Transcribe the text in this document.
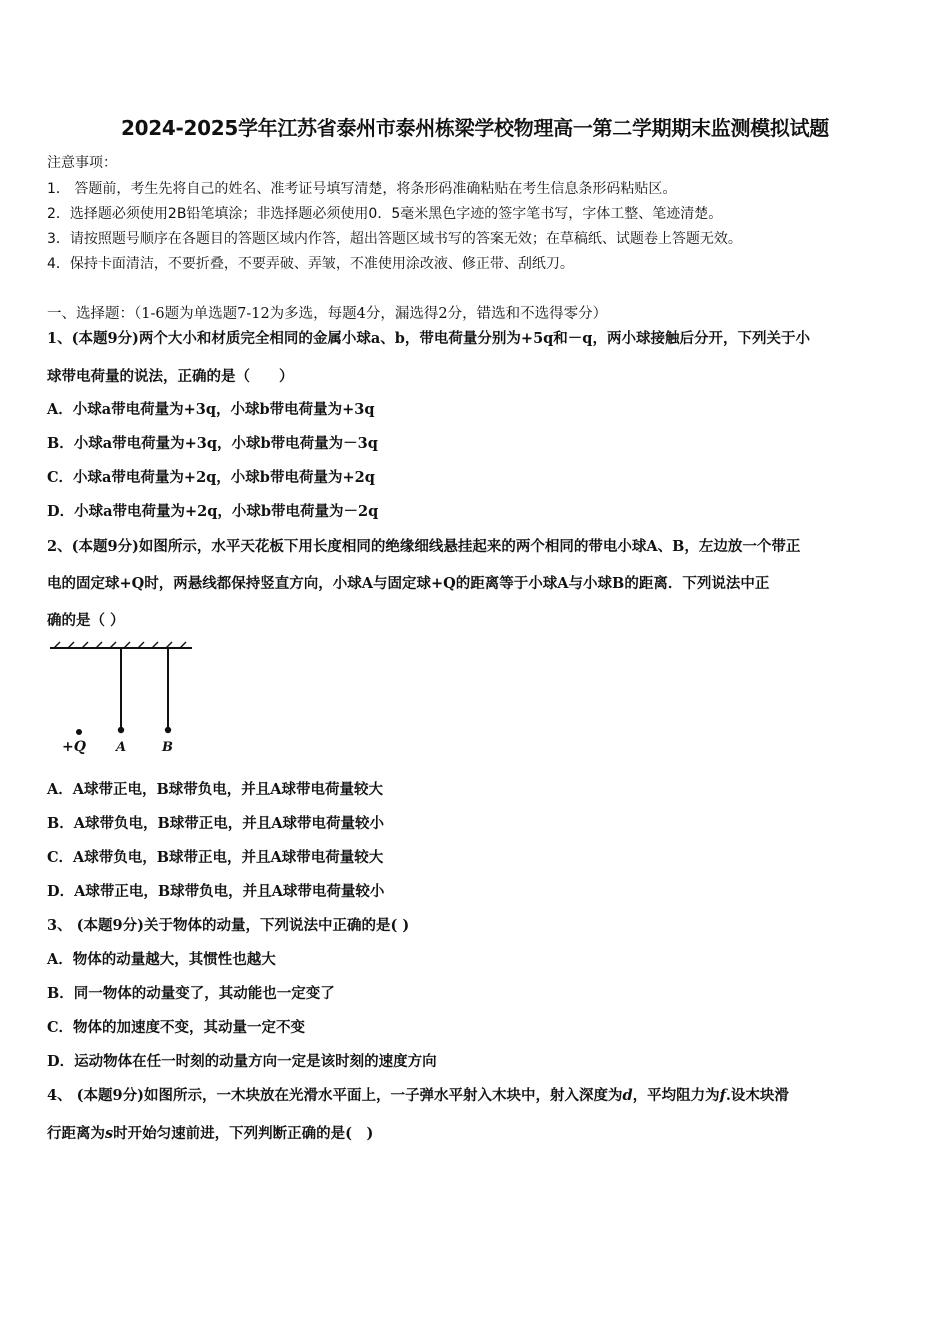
2024-2025学年江苏省泰州市泰州栋梁学校物理高一第二学期期末监测模拟试题
注意事项：
1． 答题前，考生先将自己的姓名、准考证号填写清楚，将条形码准确粘贴在考生信息条形码粘贴区。
2．选择题必须使用2B铅笔填涂；非选择题必须使用0．5毫米黑色字迹的签字笔书写，字体工整、笔迹清楚。
3．请按照题号顺序在各题目的答题区域内作答，超出答题区域书写的答案无效；在草稿纸、试题卷上答题无效。
4．保持卡面清洁，不要折叠，不要弄破、弄皱，不准使用涂改液、修正带、刮纸刀。
一、选择题：（1-6题为单选题7-12为多选，每题4分，漏选得2分，错选和不选得零分）
1、(本题9分)两个大小和材质完全相同的金属小球a、b，带电荷量分别为+5q和－q，两小球接触后分开，下列关于小
球带电荷量的说法，正确的是（　　）
A．小球a带电荷量为+3q，小球b带电荷量为+3q
B．小球a带电荷量为+3q，小球b带电荷量为－3q
C．小球a带电荷量为+2q，小球b带电荷量为+2q
D．小球a带电荷量为+2q，小球b带电荷量为－2q
2、(本题9分)如图所示，水平天花板下用长度相同的绝缘细线悬挂起来的两个相同的带电小球A、B，左边放一个带正
电的固定球+Q时，两悬线都保持竖直方向，小球A与固定球+Q的距离等于小球A与小球B的距离．下列说法中正
确的是（ ）
+Q A	B
A．A球带正电，B球带负电，并且A球带电荷量较大
B．A球带负电，B球带正电，并且A球带电荷量较小
C．A球带负电，B球带正电，并且A球带电荷量较大
D．A球带正电，B球带负电，并且A球带电荷量较小
3、 (本题9分)关于物体的动量，下列说法中正确的是( )
A．物体的动量越大，其惯性也越大
B．同一物体的动量变了，其动能也一定变了
C．物体的加速度不变，其动量一定不变
D．运动物体在任一时刻的动量方向一定是该时刻的速度方向
4、 (本题9分)如图所示，一木块放在光滑水平面上，一子弹水平射入木块中，射入深度为d，平均阻力为f.设木块滑
行距离为s时开始匀速前进，下列判断正确的是(　)
